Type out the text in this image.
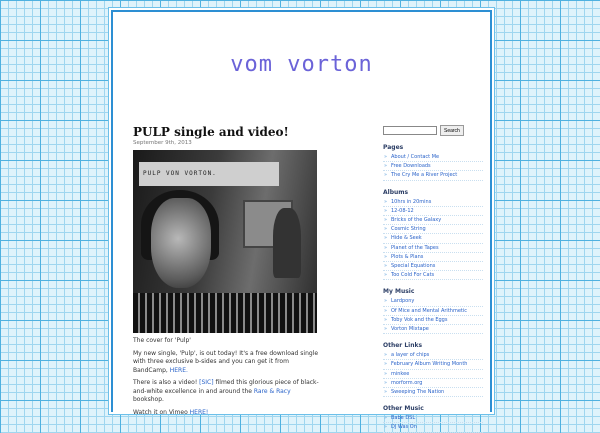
vom vorton
PULP single and video!
September 9th, 2013
PULP VON VORTON.

The cover for 'Pulp'

My new single, 'Pulp', is out today! It's a free download single with three exclusive b-sides and you can get it from BandCamp, HERE.

There is also a video! [SIC] filmed this glorious piece of black-and-white excellence in and around the Rare & Racy bookshop.

Watch it on Vimeo HERE!

Search
Pages
» About / Contact Me
» Free Downloads
» The Cry Me a River Project
Albums
» 10hrs in 20mins
» 12-08-12
» Bricks of the Galaxy
» Cosmic String
» Hide & Seek
» Planet of the Tapes
» Plots & Plans
» Special Equations
» Too Cold For Cats
My Music
» Lardpony
» Of Mice and Mental Arithmetic
» Toby Vok and the Eggs
» Vorton Mixtape
Other Links
» a layer of chips
» February Album Writing Month
» minkee
» morform.org
» Sweeping The Nation
Other Music
» Babe DSL
» DJ Was On
